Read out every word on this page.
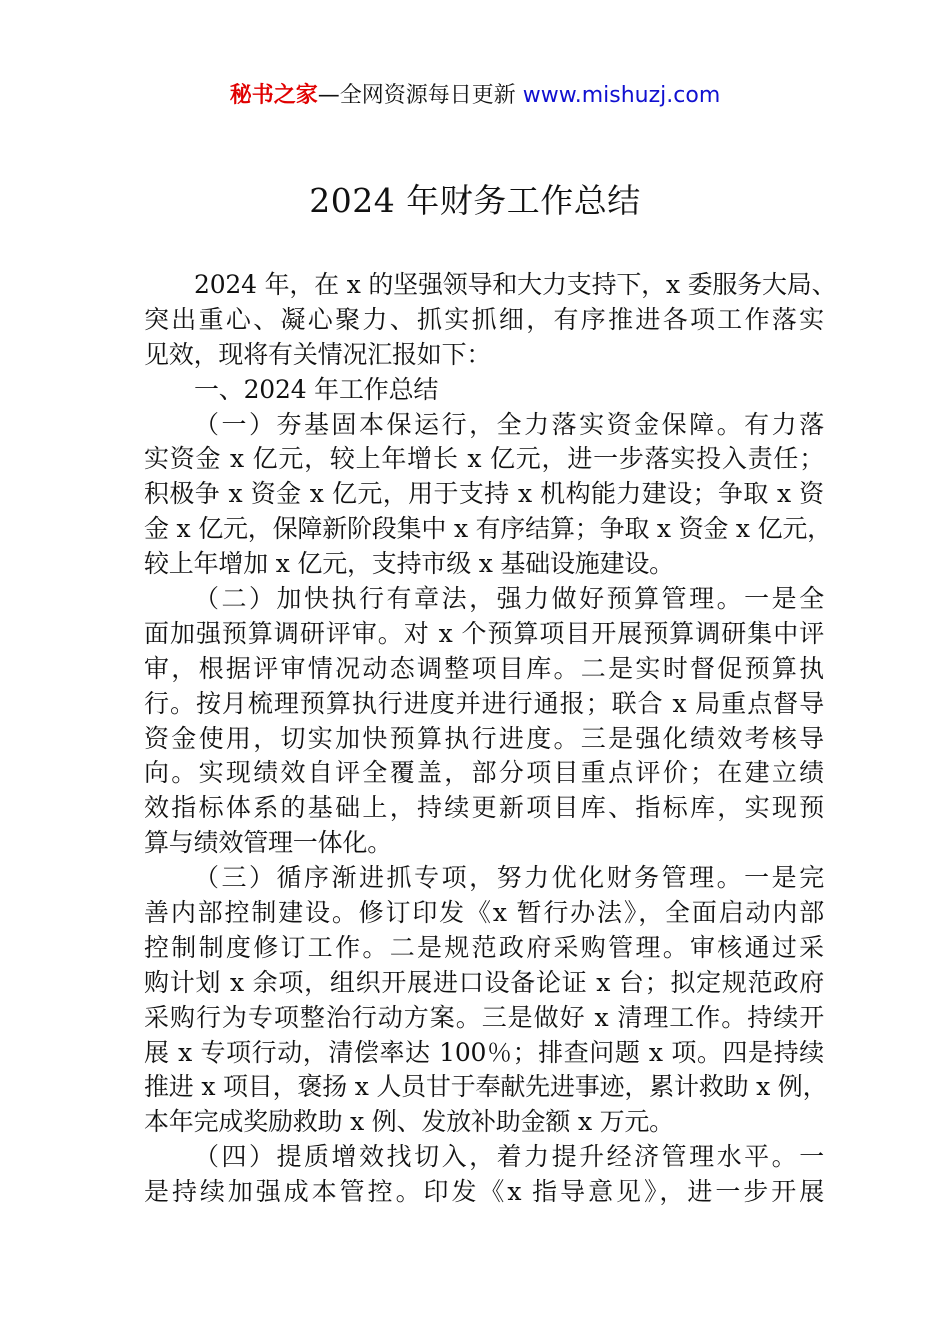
秘书之家—全网资源每日更新 www.mishuzj.com
2024 年财务工作总结
2024 年，在 x 的坚强领导和大力支持下，x 委服务大局、
突出重心、凝心聚力、抓实抓细，有序推进各项工作落实
见效，现将有关情况汇报如下：
一、2024 年工作总结
（一）夯基固本保运行，全力落实资金保障。有力落
实资金 x 亿元，较上年增长 x 亿元，进一步落实投入责任；
积极争 x 资金 x 亿元，用于支持 x 机构能力建设；争取 x 资
金 x 亿元，保障新阶段集中 x 有序结算；争取 x 资金 x 亿元，
较上年增加 x 亿元，支持市级 x 基础设施建设。
（二）加快执行有章法，强力做好预算管理。一是全
面加强预算调研评审。对 x 个预算项目开展预算调研集中评
审，根据评审情况动态调整项目库。二是实时督促预算执
行。按月梳理预算执行进度并进行通报；联合 x 局重点督导
资金使用，切实加快预算执行进度。三是强化绩效考核导
向。实现绩效自评全覆盖，部分项目重点评价；在建立绩
效指标体系的基础上，持续更新项目库、指标库，实现预
算与绩效管理一体化。
（三）循序渐进抓专项，努力优化财务管理。一是完
善内部控制建设。修订印发《x 暂行办法》，全面启动内部
控制制度修订工作。二是规范政府采购管理。审核通过采
购计划 x 余项，组织开展进口设备论证 x 台；拟定规范政府
采购行为专项整治行动方案。三是做好 x 清理工作。持续开
展 x 专项行动，清偿率达 100％；排查问题 x 项。四是持续
推进 x 项目，褒扬 x 人员甘于奉献先进事迹，累计救助 x 例，
本年完成奖励救助 x 例、发放补助金额 x 万元。
（四）提质增效找切入，着力提升经济管理水平。一
是持续加强成本管控。印发《x 指导意见》，进一步开展
